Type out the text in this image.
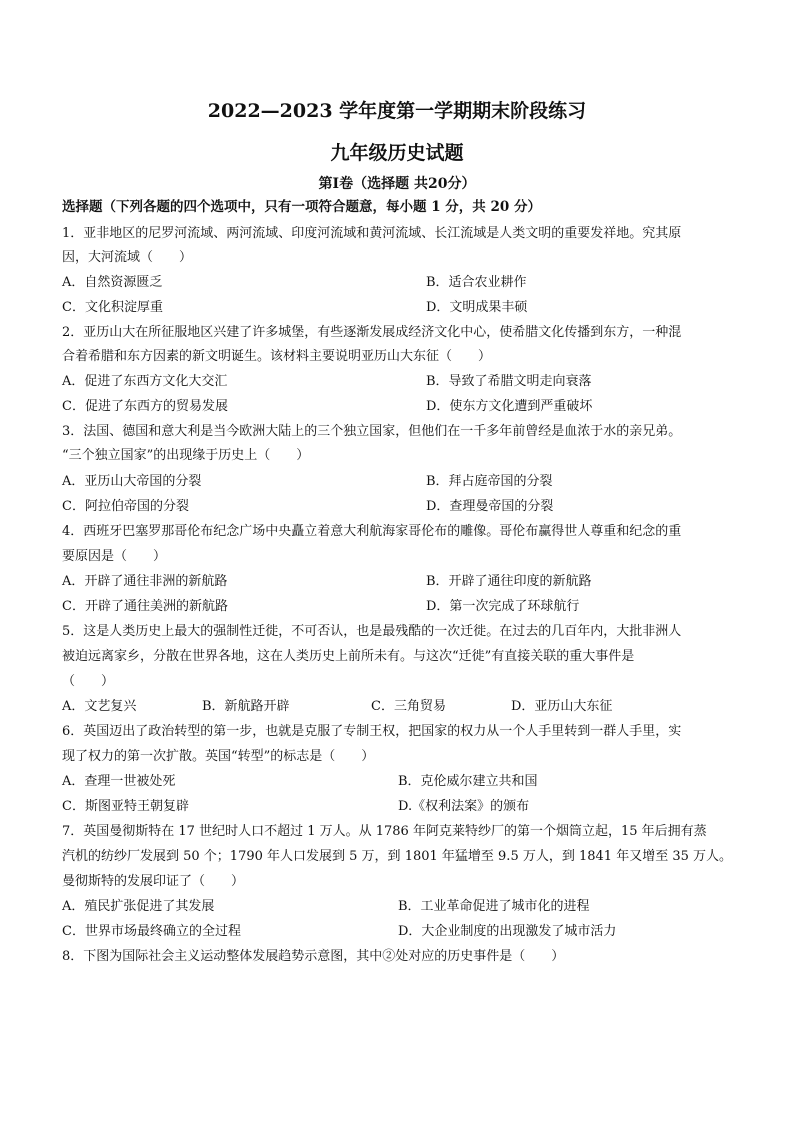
2022—2023 学年度第一学期期末阶段练习
九年级历史试题
第Ⅰ卷（选择题 共20分）

选择题（下列各题的四个选项中，只有一项符合题意，每小题 1 分，共 20 分）

1．亚非地区的尼罗河流域、两河流域、印度河流域和黄河流域、长江流域是人类文明的重要发祥地。究其原

因，大河流域（　　）

A．自然资源匮乏	B．适合农业耕作
C．文化积淀厚重	D．文明成果丰硕

2．亚历山大在所征服地区兴建了许多城堡，有些逐渐发展成经济文化中心，使希腊文化传播到东方，一种混

合着希腊和东方因素的新文明诞生。该材料主要说明亚历山大东征（　　）

A．促进了东西方文化大交汇	B．导致了希腊文明走向衰落
C．促进了东西方的贸易发展	D．使东方文化遭到严重破坏

3．法国、德国和意大利是当今欧洲大陆上的三个独立国家，但他们在一千多年前曾经是血浓于水的亲兄弟。

“三个独立国家”的出现缘于历史上（　　）

A．亚历山大帝国的分裂	B．拜占庭帝国的分裂
C．阿拉伯帝国的分裂	D．查理曼帝国的分裂

4．西班牙巴塞罗那哥伦布纪念广场中央矗立着意大利航海家哥伦布的雕像。哥伦布赢得世人尊重和纪念的重

要原因是（　　）

A．开辟了通往非洲的新航路	B．开辟了通往印度的新航路
C．开辟了通往美洲的新航路	D．第一次完成了环球航行

5．这是人类历史上最大的强制性迁徙，不可否认，也是最残酷的一次迁徙。在过去的几百年内，大批非洲人

被迫远离家乡，分散在世界各地，这在人类历史上前所未有。与这次“迁徙”有直接关联的重大事件是

（　　）

A．文艺复兴	B．新航路开辟	C．三角贸易	D．亚历山大东征

6．英国迈出了政治转型的第一步，也就是克服了专制王权，把国家的权力从一个人手里转到一群人手里，实

现了权力的第一次扩散。英国“转型”的标志是（　　）

A．查理一世被处死	B．克伦威尔建立共和国
C．斯图亚特王朝复辟	D.《权利法案》的颁布

7．英国曼彻斯特在 17 世纪时人口不超过 1 万人。从 1786 年阿克莱特纱厂的第一个烟筒立起，15 年后拥有蒸

汽机的纺纱厂发展到 50 个；1790 年人口发展到 5 万，到 1801 年猛增至 9.5 万人，到 1841 年又增至 35 万人。

曼彻斯特的发展印证了（　　）

A．殖民扩张促进了其发展	B．工业革命促进了城市化的进程
C．世界市场最终确立的全过程	D．大企业制度的出现激发了城市活力

8．下图为国际社会主义运动整体发展趋势示意图，其中②处对应的历史事件是（　　）
